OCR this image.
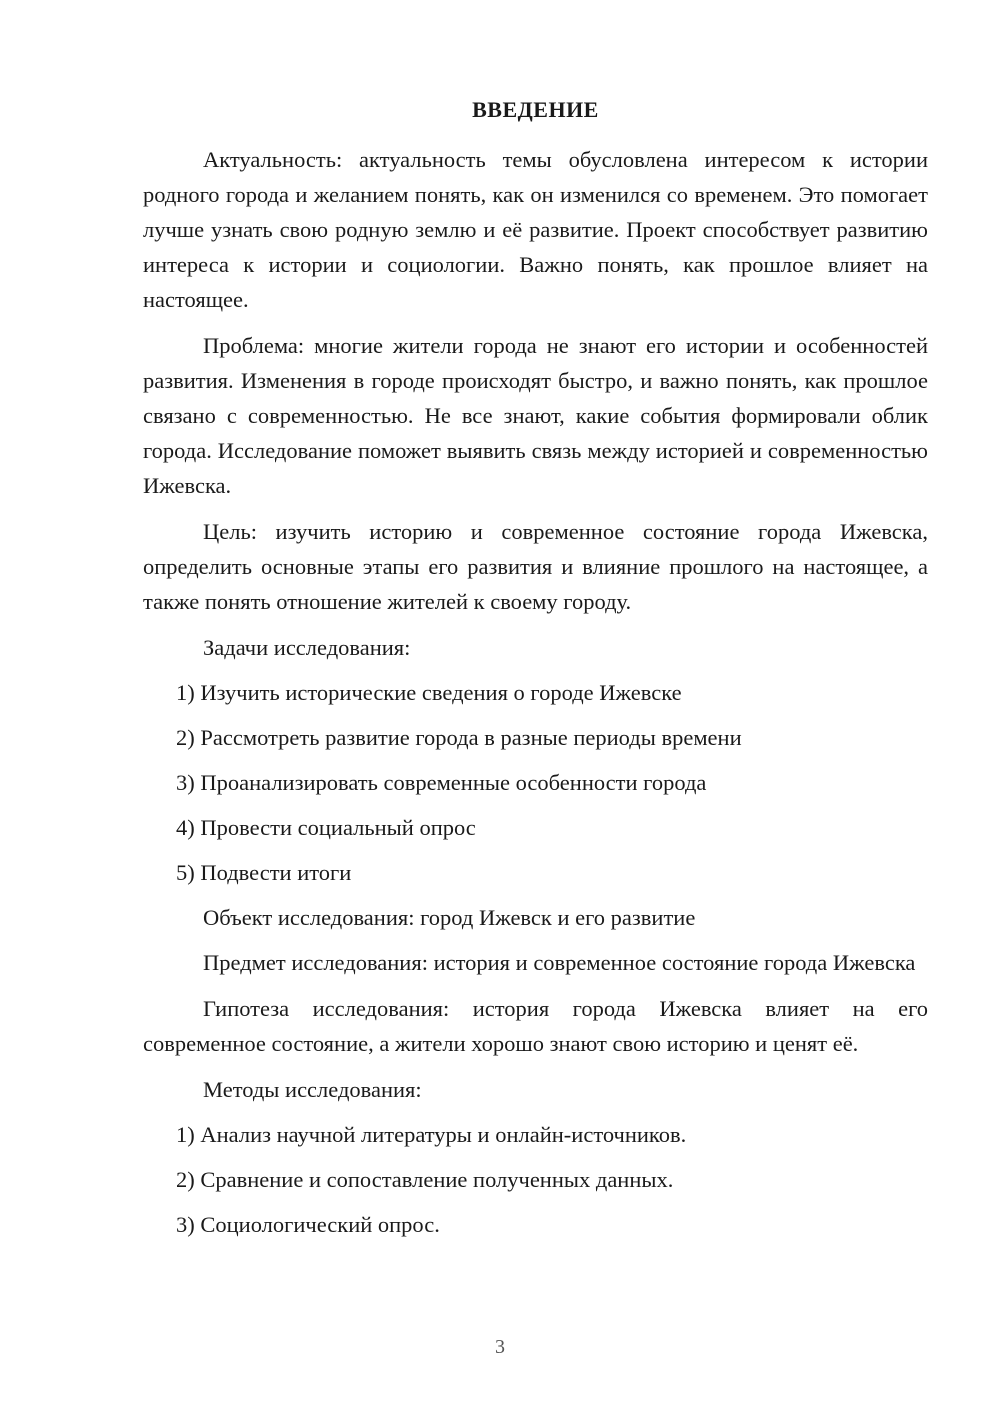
ВВЕДЕНИЕ

Актуальность: актуальность темы обусловлена интересом к истории родного города и желанием понять, как он изменился со временем. Это помогает лучше узнать свою родную землю и её развитие. Проект способствует развитию интереса к истории и социологии. Важно понять, как прошлое влияет на настоящее.

Проблема: многие жители города не знают его истории и особенностей развития. Изменения в городе происходят быстро, и важно понять, как прошлое связано с современностью. Не все знают, какие события формировали облик города. Исследование поможет выявить связь между историей и современностью Ижевска.

Цель: изучить историю и современное состояние города Ижевска, определить основные этапы его развития и влияние прошлого на настоящее, а также понять отношение жителей к своему городу.

Задачи исследования:

1) Изучить исторические сведения о городе Ижевске

2) Рассмотреть развитие города в разные периоды времени

3) Проанализировать современные особенности города

4) Провести социальный опрос

5) Подвести итоги

Объект исследования: город Ижевск и его развитие

Предмет исследования: история и современное состояние города Ижевска

Гипотеза исследования: история города Ижевска влияет на его современное состояние, а жители хорошо знают свою историю и ценят её.

Методы исследования:

1) Анализ научной литературы и онлайн-источников.

2) Сравнение и сопоставление полученных данных.

3) Социологический опрос.

3
